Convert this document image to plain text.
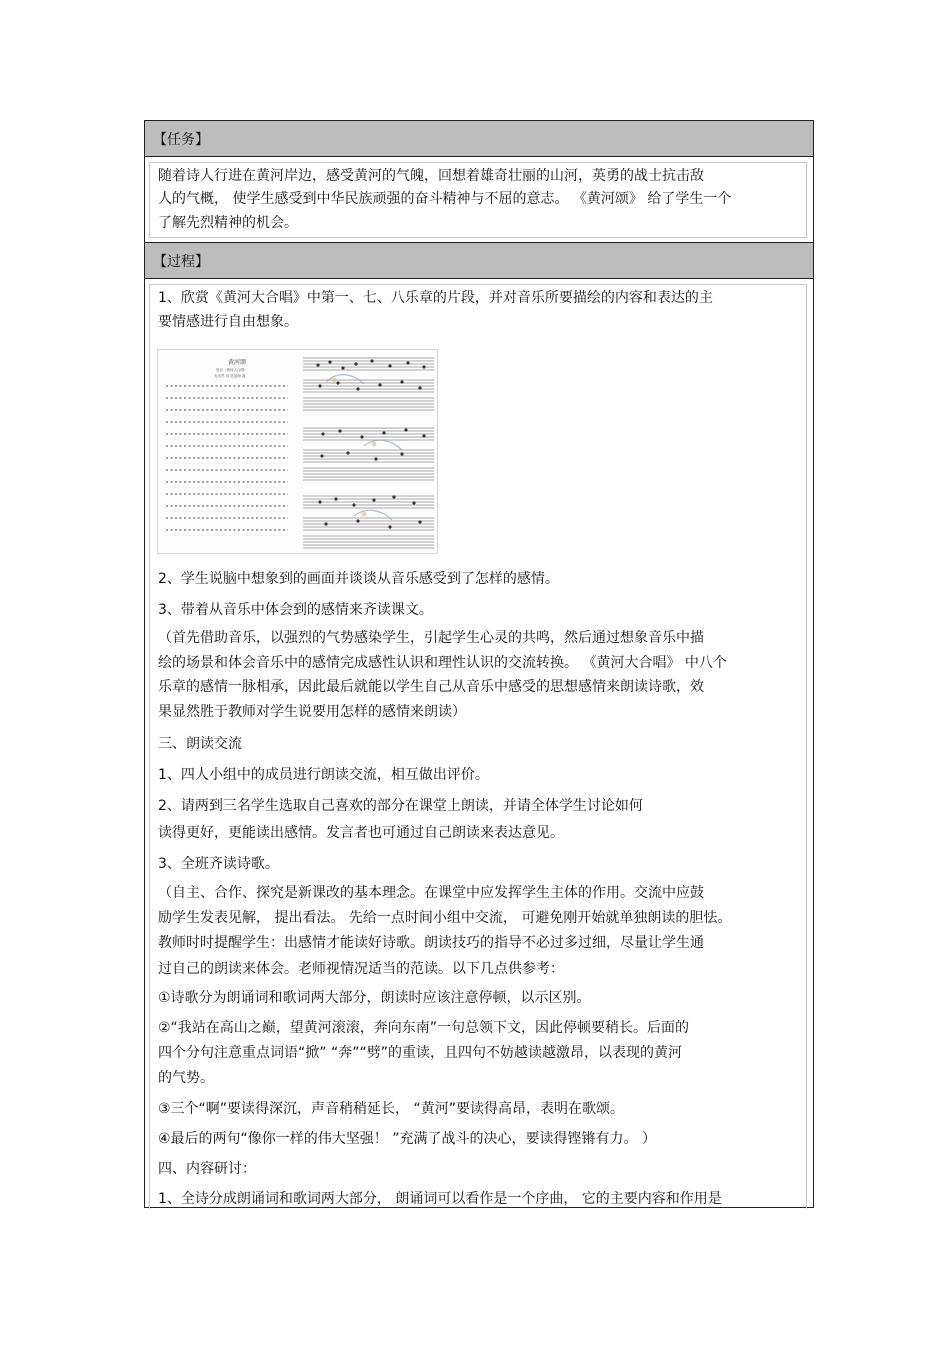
【任务】
随着诗人行进在黄河岸边，感受黄河的气魄，回想着雄奇壮丽的山河，英勇的战士抗击敌
人的气概， 使学生感受到中华民族顽强的奋斗精神与不屈的意志。 《黄河颂》 给了学生一个
了解先烈精神的机会。
【过程】
1、欣赏《黄河大合唱》中第一、七、八乐章的片段，并对音乐所要描绘的内容和表达的主
要情感进行自由想象。
黄河颂
选自《黄河大合唱》
光未然 词 冼星海 曲
2、学生说脑中想象到的画面并谈谈从音乐感受到了怎样的感情。
3、带着从音乐中体会到的感情来齐读课文。
（首先借助音乐，以强烈的气势感染学生，引起学生心灵的共鸣，然后通过想象音乐中描
绘的场景和体会音乐中的感情完成感性认识和理性认识的交流转换。 《黄河大合唱》 中八个
乐章的感情一脉相承，因此最后就能以学生自己从音乐中感受的思想感情来朗读诗歌，效
果显然胜于教师对学生说要用怎样的感情来朗读）
三、朗读交流
1、四人小组中的成员进行朗读交流，相互做出评价。
2、请两到三名学生选取自己喜欢的部分在课堂上朗读，并请全体学生讨论如何
读得更好，更能读出感情。发言者也可通过自己朗读来表达意见。
3、全班齐读诗歌。
（自主、合作、探究是新课改的基本理念。在课堂中应发挥学生主体的作用。交流中应鼓
励学生发表见解， 提出看法。 先给一点时间小组中交流， 可避免刚开始就单独朗读的胆怯。
教师时时提醒学生：出感情才能读好诗歌。朗读技巧的指导不必过多过细，尽量让学生通
过自己的朗读来体会。老师视情况适当的范读。以下几点供参考：
①诗歌分为朗诵词和歌词两大部分，朗读时应该注意停顿，以示区别。
②“我站在高山之巅，望黄河滚滚，奔向东南”一句总领下文，因此停顿要稍长。后面的
四个分句注意重点词语“掀” “奔”“劈”的重读，且四句不妨越读越激昂，以表现的黄河
的气势。
③三个“啊”要读得深沉，声音稍稍延长， “黄河”要读得高昂，表明在歌颂。
④最后的两句“像你一样的伟大坚强！ ”充满了战斗的决心，要读得铿锵有力。 ）
四、内容研讨：
1、全诗分成朗诵词和歌词两大部分， 朗诵词可以看作是一个序曲， 它的主要内容和作用是
